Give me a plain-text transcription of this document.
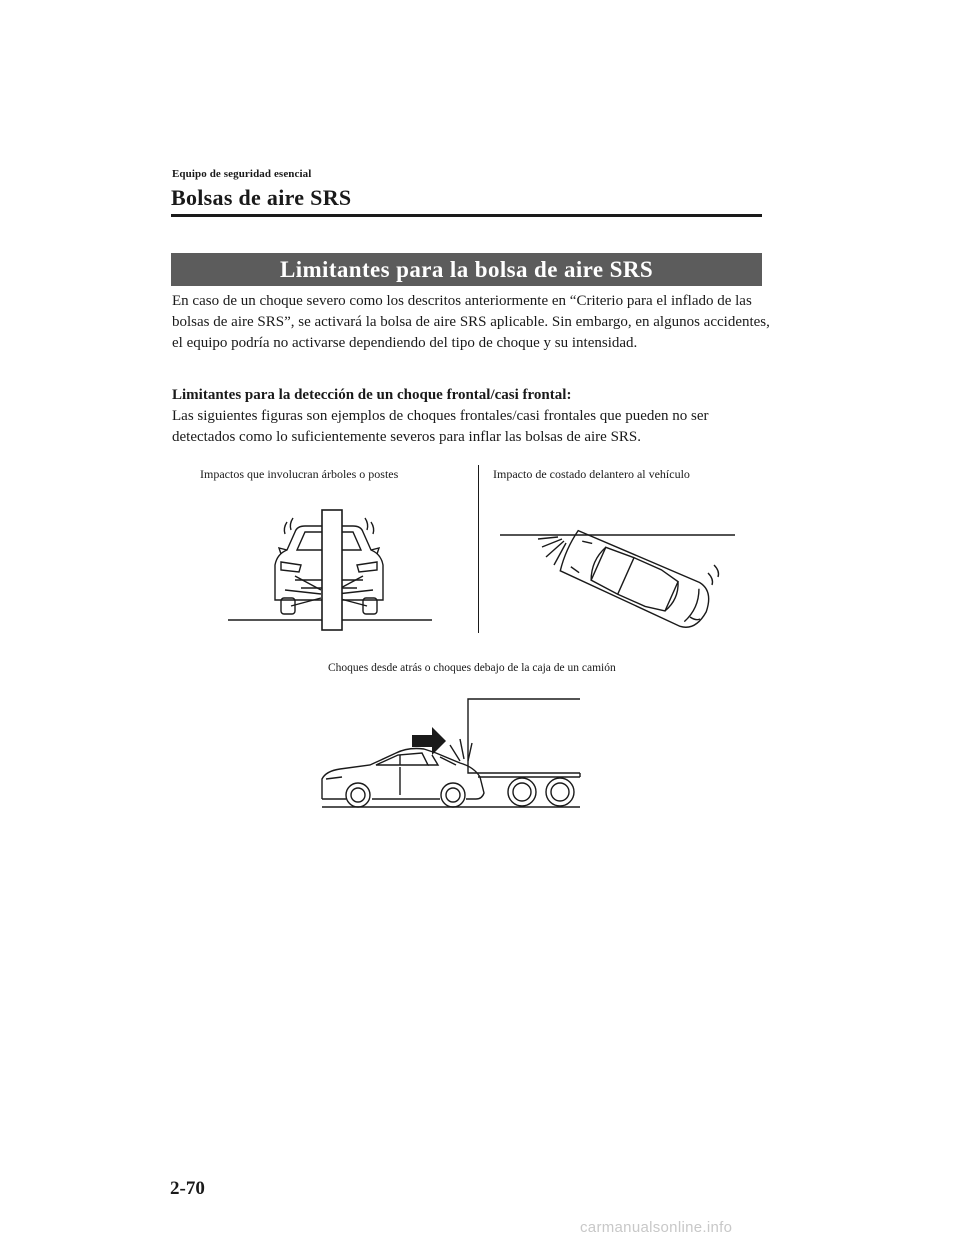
Equipo de seguridad esencial
Bolsas de aire SRS
Limitantes para la bolsa de aire SRS

En caso de un choque severo como los descritos anteriormente en “Criterio para el inflado de las bolsas de aire SRS”, se activará la bolsa de aire SRS aplicable. Sin embargo, en algunos accidentes, el equipo podría no activarse dependiendo del tipo de choque y su intensidad.

Limitantes para la detección de un choque frontal/casi frontal:

Las siguientes figuras son ejemplos de choques frontales/casi frontales que pueden no ser detectados como lo suficientemente severos para inflar las bolsas de aire SRS.

Impactos que involucran árboles o postes	Impacto de costado delantero al vehículo
Choques desde atrás o choques debajo de la caja de un camión
2-70
carmanualsonline.info
